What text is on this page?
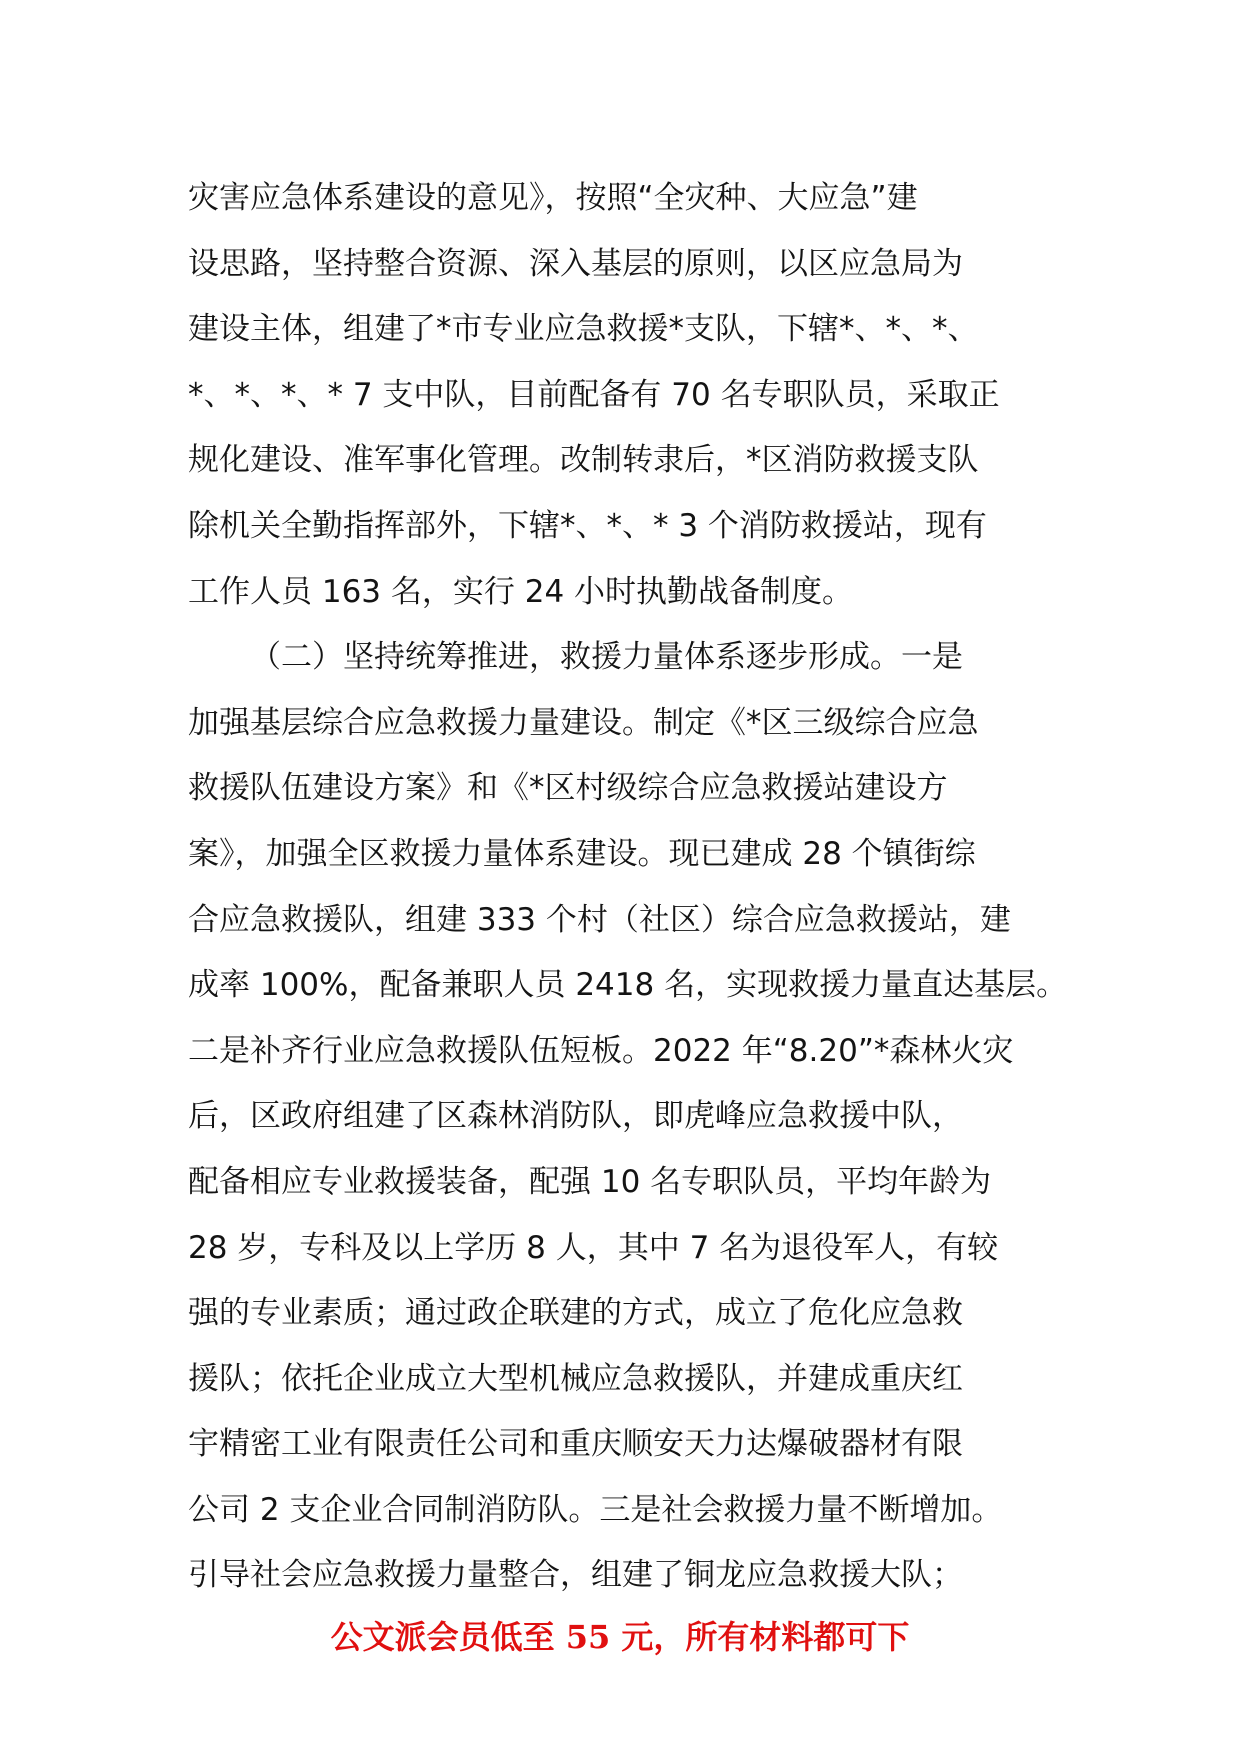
灾害应急体系建设的意见》，按照“全灾种、大应急”建
设思路，坚持整合资源、深入基层的原则，以区应急局为
建设主体，组建了*市专业应急救援*支队，下辖*、*、*、
*、*、*、* 7 支中队，目前配备有 70 名专职队员，采取正
规化建设、准军事化管理。改制转隶后，*区消防救援支队
除机关全勤指挥部外，下辖*、*、* 3 个消防救援站，现有
工作人员 163 名，实行 24 小时执勤战备制度。
（二）坚持统筹推进，救援力量体系逐步形成。一是
加强基层综合应急救援力量建设。制定《*区三级综合应急
救援队伍建设方案》和《*区村级综合应急救援站建设方
案》，加强全区救援力量体系建设。现已建成 28 个镇街综
合应急救援队，组建 333 个村（社区）综合应急救援站，建
成率 100%，配备兼职人员 2418 名，实现救援力量直达基层。
二是补齐行业应急救援队伍短板。2022 年“8.20”*森林火灾
后，区政府组建了区森林消防队，即虎峰应急救援中队，
配备相应专业救援装备，配强 10 名专职队员，平均年龄为
28 岁，专科及以上学历 8 人，其中 7 名为退役军人，有较
强的专业素质；通过政企联建的方式，成立了危化应急救
援队；依托企业成立大型机械应急救援队，并建成重庆红
宇精密工业有限责任公司和重庆顺安天力达爆破器材有限
公司 2 支企业合同制消防队。三是社会救援力量不断增加。
引导社会应急救援力量整合，组建了铜龙应急救援大队；

公文派会员低至 55 元，所有材料都可下
